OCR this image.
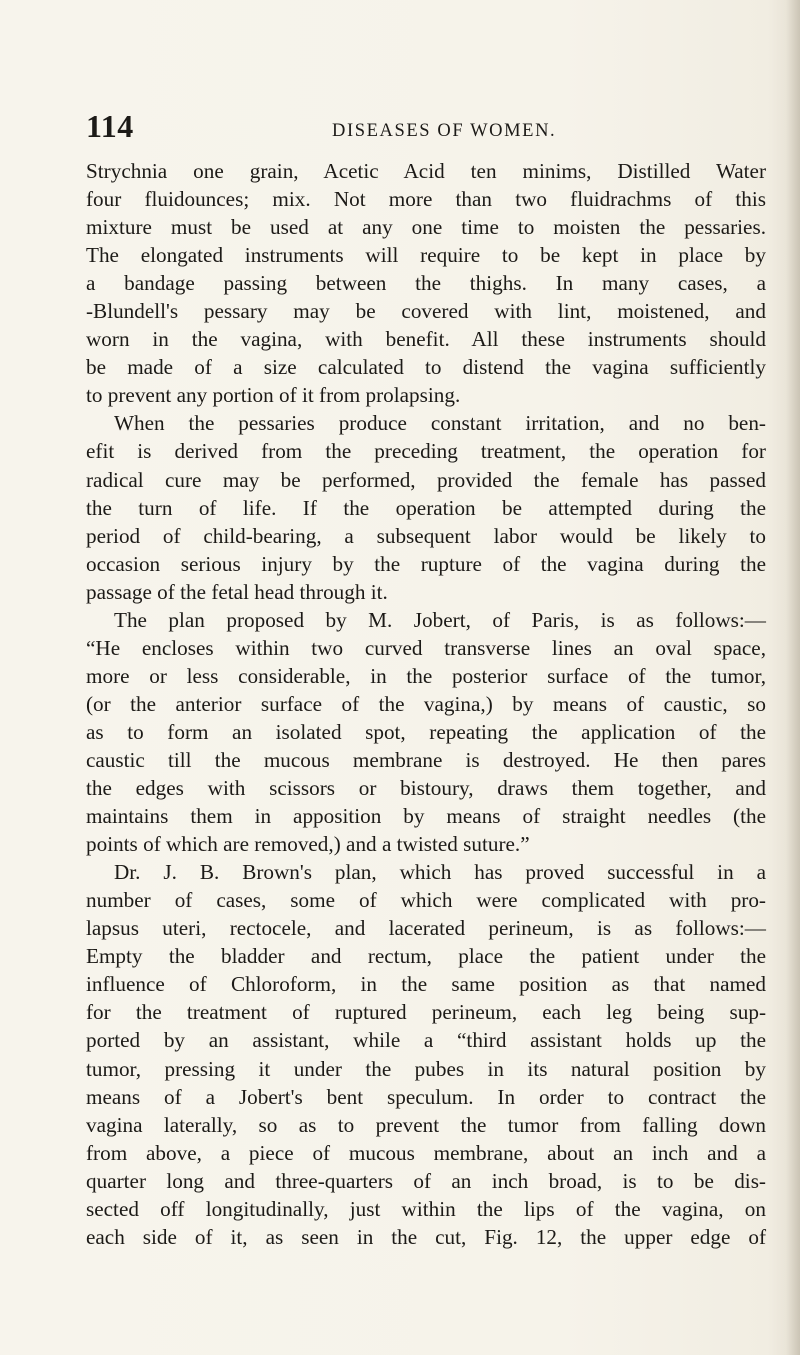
114	DISEASES OF WOMEN.
Strychnia one grain, Acetic Acid ten minims, Distilled Water
four fluidounces; mix. Not more than two fluidrachms of this
mixture must be used at any one time to moisten the pessaries.
The elongated instruments will require to be kept in place by
a bandage passing between the thighs. In many cases, a
-Blundell's pessary may be covered with lint, moistened, and
worn in the vagina, with benefit. All these instruments should
be made of a size calculated to distend the vagina sufficiently
to prevent any portion of it from prolapsing.
When the pessaries produce constant irritation, and no ben-
efit is derived from the preceding treatment, the operation for
radical cure may be performed, provided the female has passed
the turn of life. If the operation be attempted during the
period of child-bearing, a subsequent labor would be likely to
occasion serious injury by the rupture of the vagina during the
passage of the fetal head through it.
The plan proposed by M. Jobert, of Paris, is as follows:—
“He encloses within two curved transverse lines an oval space,
more or less considerable, in the posterior surface of the tumor,
(or the anterior surface of the vagina,) by means of caustic, so
as to form an isolated spot, repeating the application of the
caustic till the mucous membrane is destroyed. He then pares
the edges with scissors or bistoury, draws them together, and
maintains them in apposition by means of straight needles (the
points of which are removed,) and a twisted suture.”
Dr. J. B. Brown's plan, which has proved successful in a
number of cases, some of which were complicated with pro-
lapsus uteri, rectocele, and lacerated perineum, is as follows:—
Empty the bladder and rectum, place the patient under the
influence of Chloroform, in the same position as that named
for the treatment of ruptured perineum, each leg being sup-
ported by an assistant, while a “third assistant holds up the
tumor, pressing it under the pubes in its natural position by
means of a Jobert's bent speculum. In order to contract the
vagina laterally, so as to prevent the tumor from falling down
from above, a piece of mucous membrane, about an inch and a
quarter long and three-quarters of an inch broad, is to be dis-
sected off longitudinally, just within the lips of the vagina, on
each side of it, as seen in the cut, Fig. 12, the upper edge of
